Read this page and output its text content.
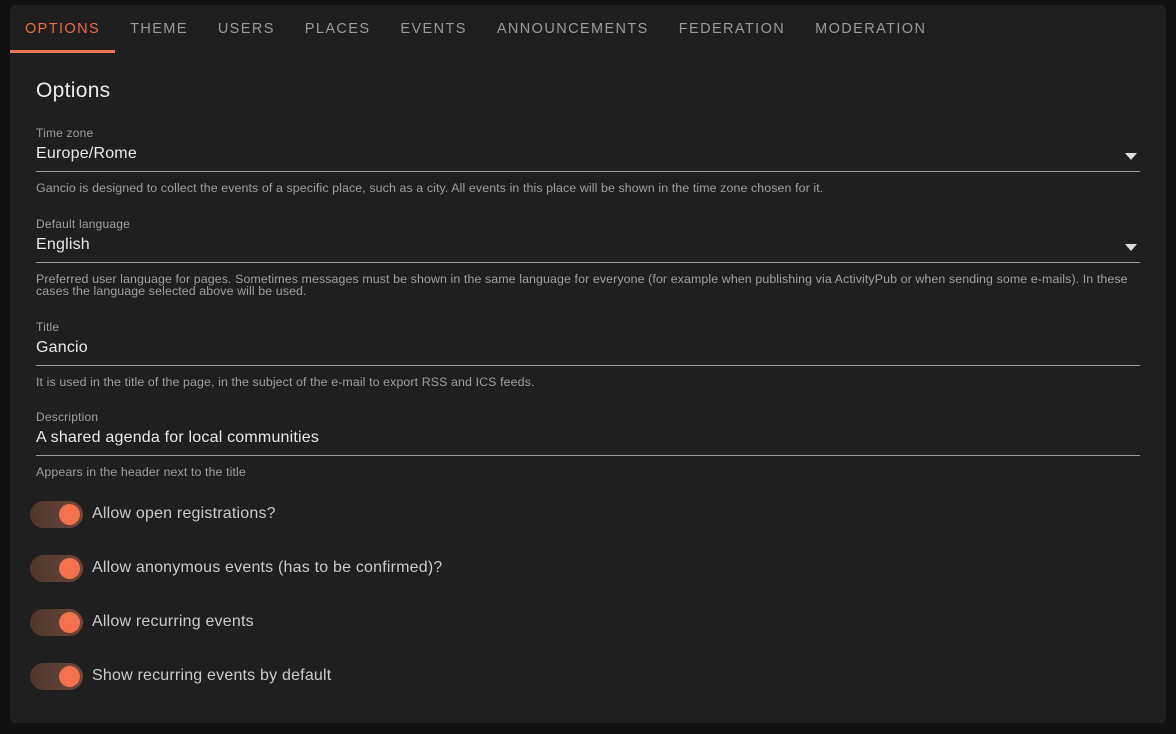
OPTIONS THEME USERS PLACES EVENTS ANNOUNCEMENTS FEDERATION MODERATION
Options
Time zone
Europe/Rome
Gancio is designed to collect the events of a specific place, such as a city. All events in this place will be shown in the time zone chosen for it.
Default language
English
Preferred user language for pages. Sometimes messages must be shown in the same language for everyone (for example when publishing via ActivityPub or when sending some e-mails). In these cases the language selected above will be used.
Title
Gancio
It is used in the title of the page, in the subject of the e-mail to export RSS and ICS feeds.
Description
A shared agenda for local communities
Appears in the header next to the title
Allow open registrations?
Allow anonymous events (has to be confirmed)?
Allow recurring events
Show recurring events by default
